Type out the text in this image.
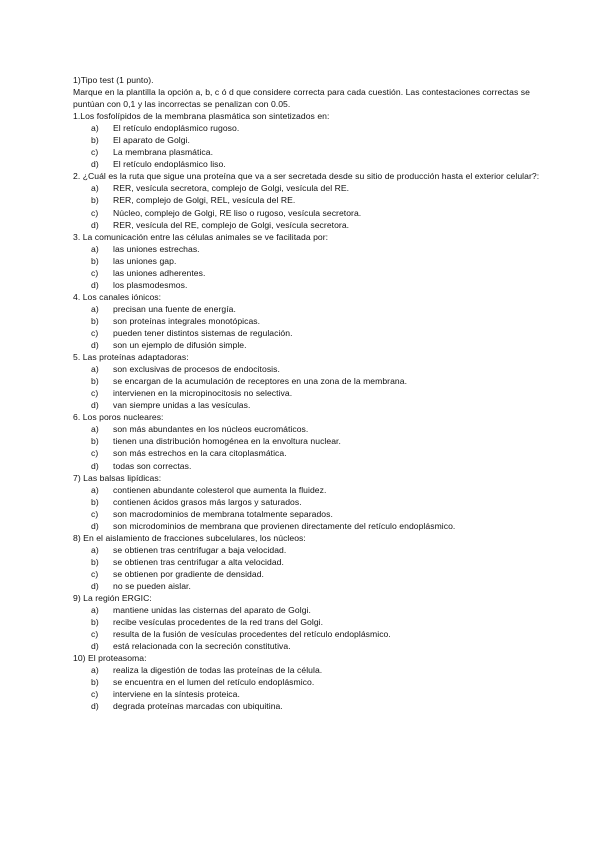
1)Tipo test (1 punto).

Marque en la plantilla la opción a, b, c ó d que considere correcta para cada cuestión. Las contestaciones correctas se puntúan con 0,1 y las incorrectas se penalizan con 0.05.

1.Los fosfolípidos de la membrana plasmática son sintetizados en:
a)	El retículo endoplásmico rugoso.
b)	El aparato de Golgi.
c)	La membrana plasmática.
d)	El retículo endoplásmico liso.
2. ¿Cuál es la ruta que sigue una proteína que va a ser secretada desde su sitio de producción hasta el exterior celular?:
a)	RER, vesícula secretora, complejo de Golgi, vesícula del RE.
b)	RER, complejo de Golgi, REL, vesícula del RE.
c)	Núcleo, complejo de Golgi, RE liso o rugoso, vesícula secretora.
d)	RER, vesícula del RE, complejo de Golgi, vesícula secretora.
3. La comunicación entre las células animales se ve facilitada por:
a)	las uniones estrechas.
b)	las uniones gap.
c)	las uniones adherentes.
d)	los plasmodesmos.
4. Los canales iónicos:
a)	precisan una fuente de energía.
b)	son proteínas integrales monotópicas.
c)	pueden tener distintos sistemas de regulación.
d)	son un ejemplo de difusión simple.
5. Las proteínas adaptadoras:
a)	son exclusivas de procesos de endocitosis.
b)	se encargan de la acumulación de receptores en una zona de la membrana.
c)	intervienen en la micropinocitosis no selectiva.
d)	van siempre unidas a las vesículas.
6. Los poros nucleares:
a)	son más abundantes en los núcleos eucromáticos.
b)	tienen una distribución homogénea en la envoltura nuclear.
c)	son más estrechos en la cara citoplasmática.
d)	todas son correctas.
7) Las balsas lipídicas:
a)	contienen abundante colesterol que aumenta la fluidez.
b)	contienen ácidos grasos más largos y saturados.
c)	son macrodominios de membrana totalmente separados.
d)	son microdominios de membrana que provienen directamente del retículo endoplásmico.
8) En el aislamiento de fracciones subcelulares, los núcleos:
a)	se obtienen tras centrifugar a baja velocidad.
b)	se obtienen tras centrifugar a alta velocidad.
c)	se obtienen por gradiente de densidad.
d)	no se pueden aislar.
9) La región ERGIC:
a)	mantiene unidas las cisternas del aparato de Golgi.
b)	recibe vesículas procedentes de la red trans del Golgi.
c)	resulta de la fusión de vesículas procedentes del retículo endoplásmico.
d)	está relacionada con la secreción constitutiva.
10) El proteasoma:
a)	realiza la digestión de todas las proteínas de la célula.
b)	se encuentra en el lumen del retículo endoplásmico.
c)	interviene en la síntesis proteica.
d)	degrada proteínas marcadas con ubiquitina.
